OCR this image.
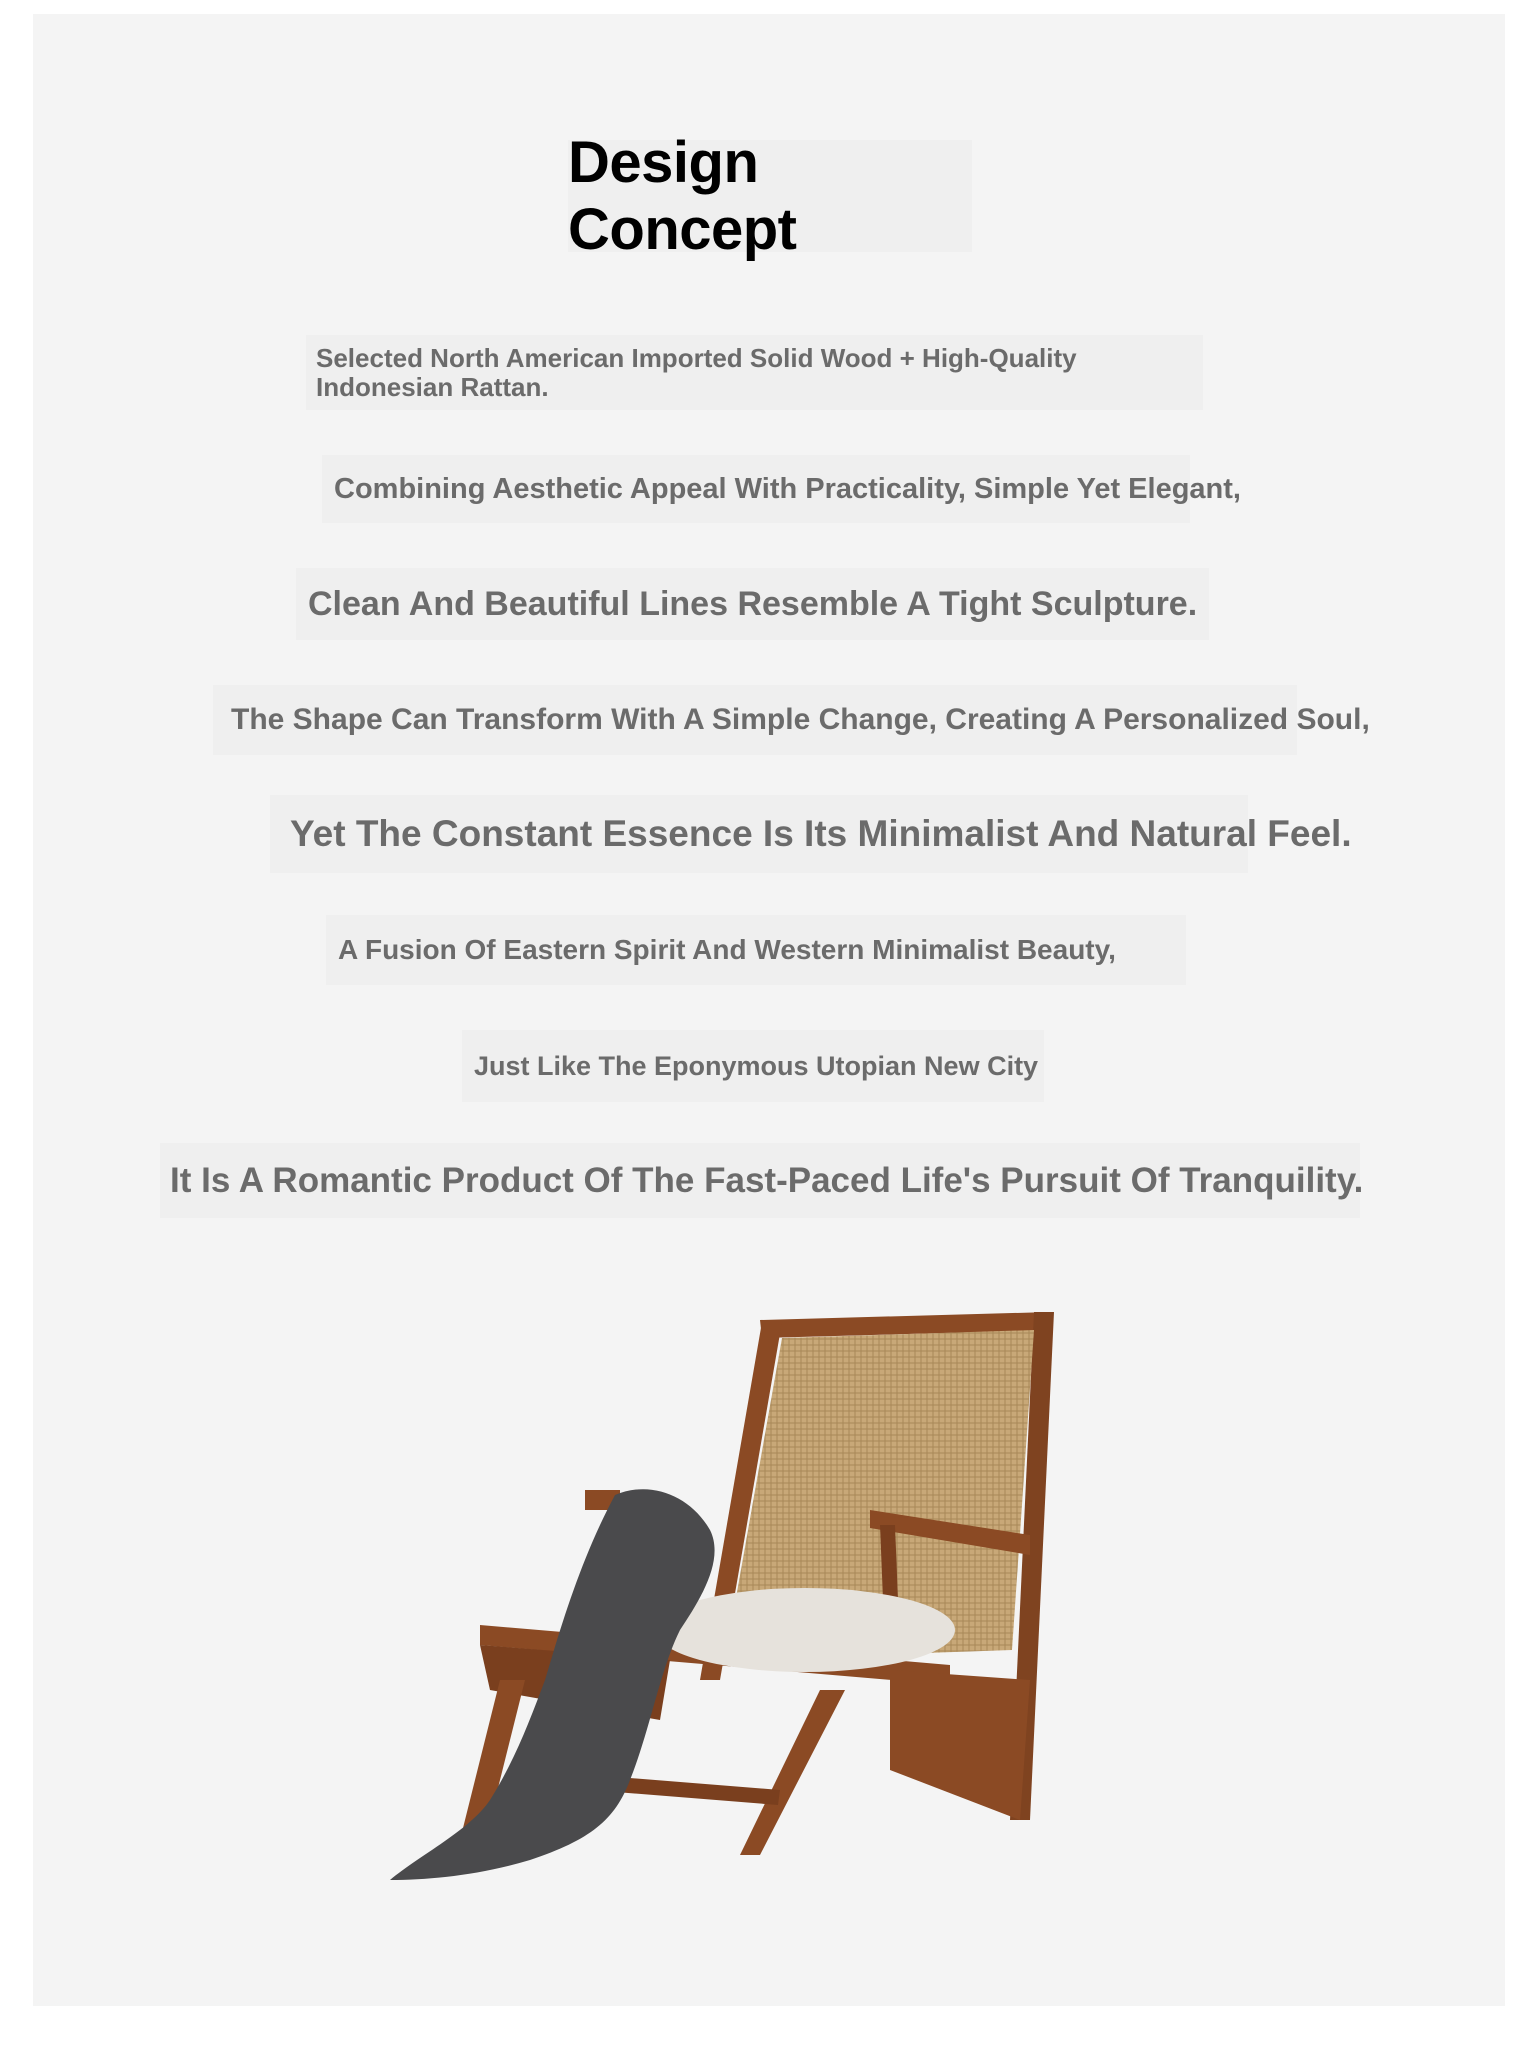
Design Concept
Selected North American Imported Solid Wood + High-Quality Indonesian Rattan.
Combining Aesthetic Appeal With Practicality, Simple Yet Elegant,
Clean And Beautiful Lines Resemble A Tight Sculpture.
The Shape Can Transform With A Simple Change, Creating A Personalized Soul,
Yet The Constant Essence Is Its Minimalist And Natural Feel.
A Fusion Of Eastern Spirit And Western Minimalist Beauty,
Just Like The Eponymous Utopian New City
It Is A Romantic Product Of The Fast-Paced Life's Pursuit Of Tranquility.
